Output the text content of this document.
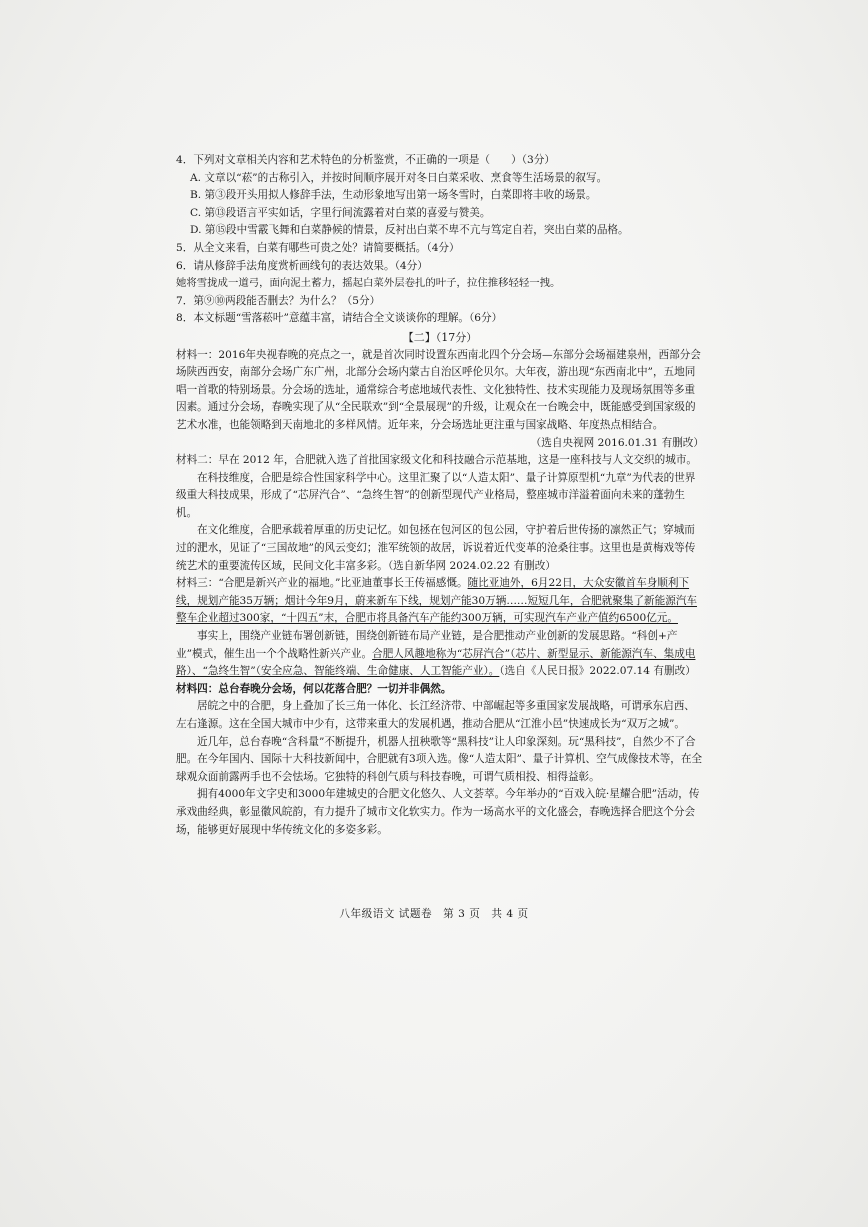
4．下列对文章相关内容和艺术特色的分析鉴赏，不正确的一项是（　　）（3分）

A. 文章以“菘”的古称引入，并按时间顺序展开对冬日白菜采收、烹食等生活场景的叙写。

B. 第③段开头用拟人修辞手法，生动形象地写出第一场冬雪时，白菜即将丰收的场景。

C. 第⑬段语言平实如话，字里行间流露着对白菜的喜爱与赞美。

D. 第⑮段中雪霰飞舞和白菜静候的情景，反衬出白菜不卑不亢与笃定自若，突出白菜的品格。

5．从全文来看，白菜有哪些可贵之处？请简要概括。（4分）

6．请从修辞手法角度赏析画线句的表达效果。（4分）

她将雪拢成一道弓，面向泥土蓄力，摇起白菜外层卷扎的叶子，拉住推移轻轻一拽。

7．第⑨⑩两段能否删去？为什么？（5分）

8．本文标题“雪落菘叶”意蕴丰富，请结合全文谈谈你的理解。（6分）

【二】（17分）

材料一：2016年央视春晚的亮点之一，就是首次同时设置东西南北四个分会场—东部分会场福建泉州，西部分会场陕西西安，南部分会场广东广州，北部分会场内蒙古自治区呼伦贝尔。大年夜，游出现“东西南北中”，五地同唱一首歌的特别场景。分会场的选址，通常综合考虑地域代表性、文化独特性、技术实现能力及现场氛围等多重因素。通过分会场，春晚实现了从“全民联欢”到“全景展现”的升级，让观众在一台晚会中，既能感受到国家级的艺术水准，也能领略到天南地北的多样风情。近年来，分会场选址更注重与国家战略、年度热点相结合。

（选自央视网 2016.01.31 有删改）

材料二：早在 2012 年，合肥就入选了首批国家级文化和科技融合示范基地，这是一座科技与人文交织的城市。

在科技维度，合肥是综合性国家科学中心。这里汇聚了以“人造太阳”、量子计算原型机“九章”为代表的世界级重大科技成果，形成了“芯屏汽合”、“急终生智”的创新型现代产业格局，整座城市洋溢着面向未来的蓬勃生机。

在文化维度，合肥承载着厚重的历史记忆。如包拯在包河区的包公园，守护着后世传扬的凛然正气；穿城而过的淝水，见证了“三国故地”的风云变幻；淮军统领的故居，诉说着近代变革的沧桑往事。这里也是黄梅戏等传统艺术的重要流传区域，民间文化丰富多彩。（选自新华网 2024.02.22 有删改）

材料三：“合肥是新兴产业的福地。”比亚迪董事长王传福感慨。随比亚迪外，6月22日，大众安徽首车身顺利下线，规划产能35万辆；烟计今年9月，蔚来新车下线，规划产能30万辆……短短几年，合肥就聚集了新能源汽车整车企业超过300家，“十四五”末，合肥市将具备汽车产能约300万辆，可实现汽车产业产值约6500亿元。

事实上，围绕产业链布署创新链，围绕创新链布局产业链，是合肥推动产业创新的发展思路。“科创+产业”模式，催生出一个个战略性新兴产业。合肥人风趣地称为“芯屏汽合”（芯片、新型显示、新能源汽车、集成电路）、“急终生智”（安全应急、智能终端、生命健康、人工智能产业）。（选自《人民日报》2022.07.14 有删改）

材料四：总台春晚分会场，何以花落合肥？一切并非偶然。

居皖之中的合肥，身上叠加了长三角一体化、长江经济带、中部崛起等多重国家发展战略，可谓承东启西、左右逢源。这在全国大城市中少有，这带来重大的发展机遇，推动合肥从“江淮小邑”快速成长为“双万之城”。

近几年，总台春晚“含科量”不断提升，机器人扭秧歌等“黑科技”让人印象深刻。玩“黑科技”，自然少不了合肥。在今年国内、国际十大科技新闻中，合肥就有3项入选。像“人造太阳”、量子计算机、空气成像技术等，在全球观众面前露两手也不会怯场。它独特的科创气质与科技春晚，可谓气质相投、相得益彰。

拥有4000年文字史和3000年建城史的合肥文化悠久、人文荟萃。今年举办的“百戏入皖·星耀合肥”活动，传承戏曲经典，彰显徽风皖韵，有力提升了城市文化软实力。作为一场高水平的文化盛会，春晚选择合肥这个分会场，能够更好展现中华传统文化的多姿多彩。

八年级语文 试题卷　第 3 页　共 4 页
